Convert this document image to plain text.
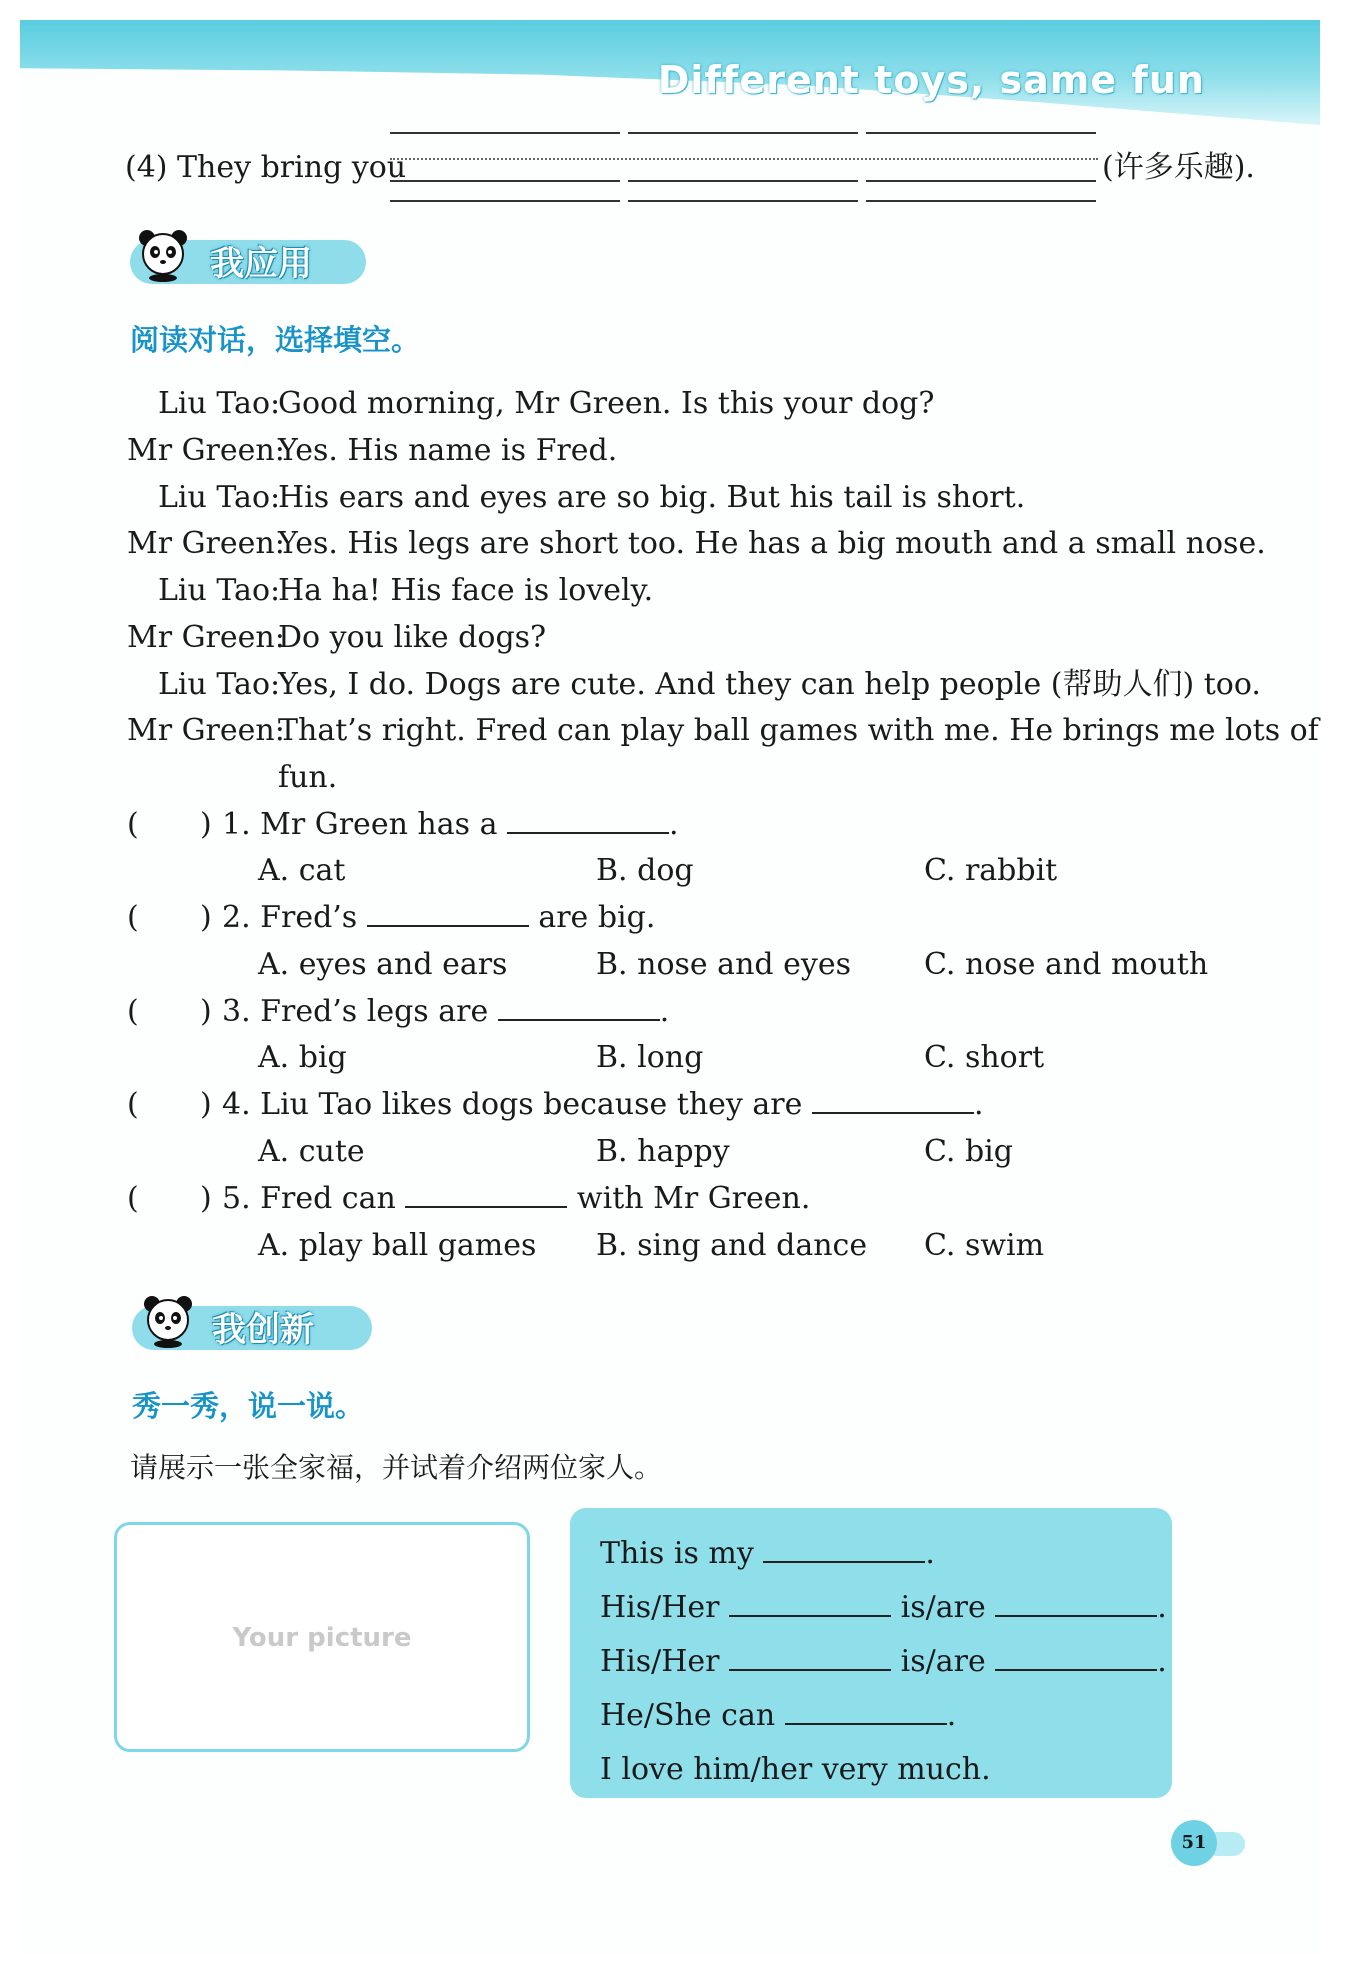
Different toys, same fun
(4) They bring you	(许多乐趣).
我应用
阅读对话，选择填空。
Liu Tao:
Good morning, Mr Green. Is this your dog?
Mr Green:
Yes. His name is Fred.
Liu Tao:
His ears and eyes are so big. But his tail is short.
Mr Green:
Yes. His legs are short too. He has a big mouth and a small nose.
Liu Tao:
Ha ha! His face is lovely.
Mr Green:
Do you like dogs?
Liu Tao:
Yes, I do. Dogs are cute. And they can help people (帮助人们) too.
Mr Green:
That’s right. Fred can play ball games with me. He brings me lots of
fun.
( ) 1. Mr Green has a	.
A. cat	B. dog	C. rabbit
( ) 2. Fred’s	are big.
A. eyes and ears	B. nose and eyes C. nose and mouth
( ) 3. Fred’s legs are	.
A. big	B. long	C. short
( ) 4. Liu Tao likes dogs because they are	.
A. cute	B. happy	C. big
( ) 5. Fred can	with Mr Green.
A. play ball games B. sing and dance C. swim
我创新
秀一秀，说一说。
请展示一张全家福，并试着介绍两位家人。
Your picture
This is my	.
His/Her	is/are	.
His/Her	is/are	.
He/She can	.
I love him/her very much.
51
